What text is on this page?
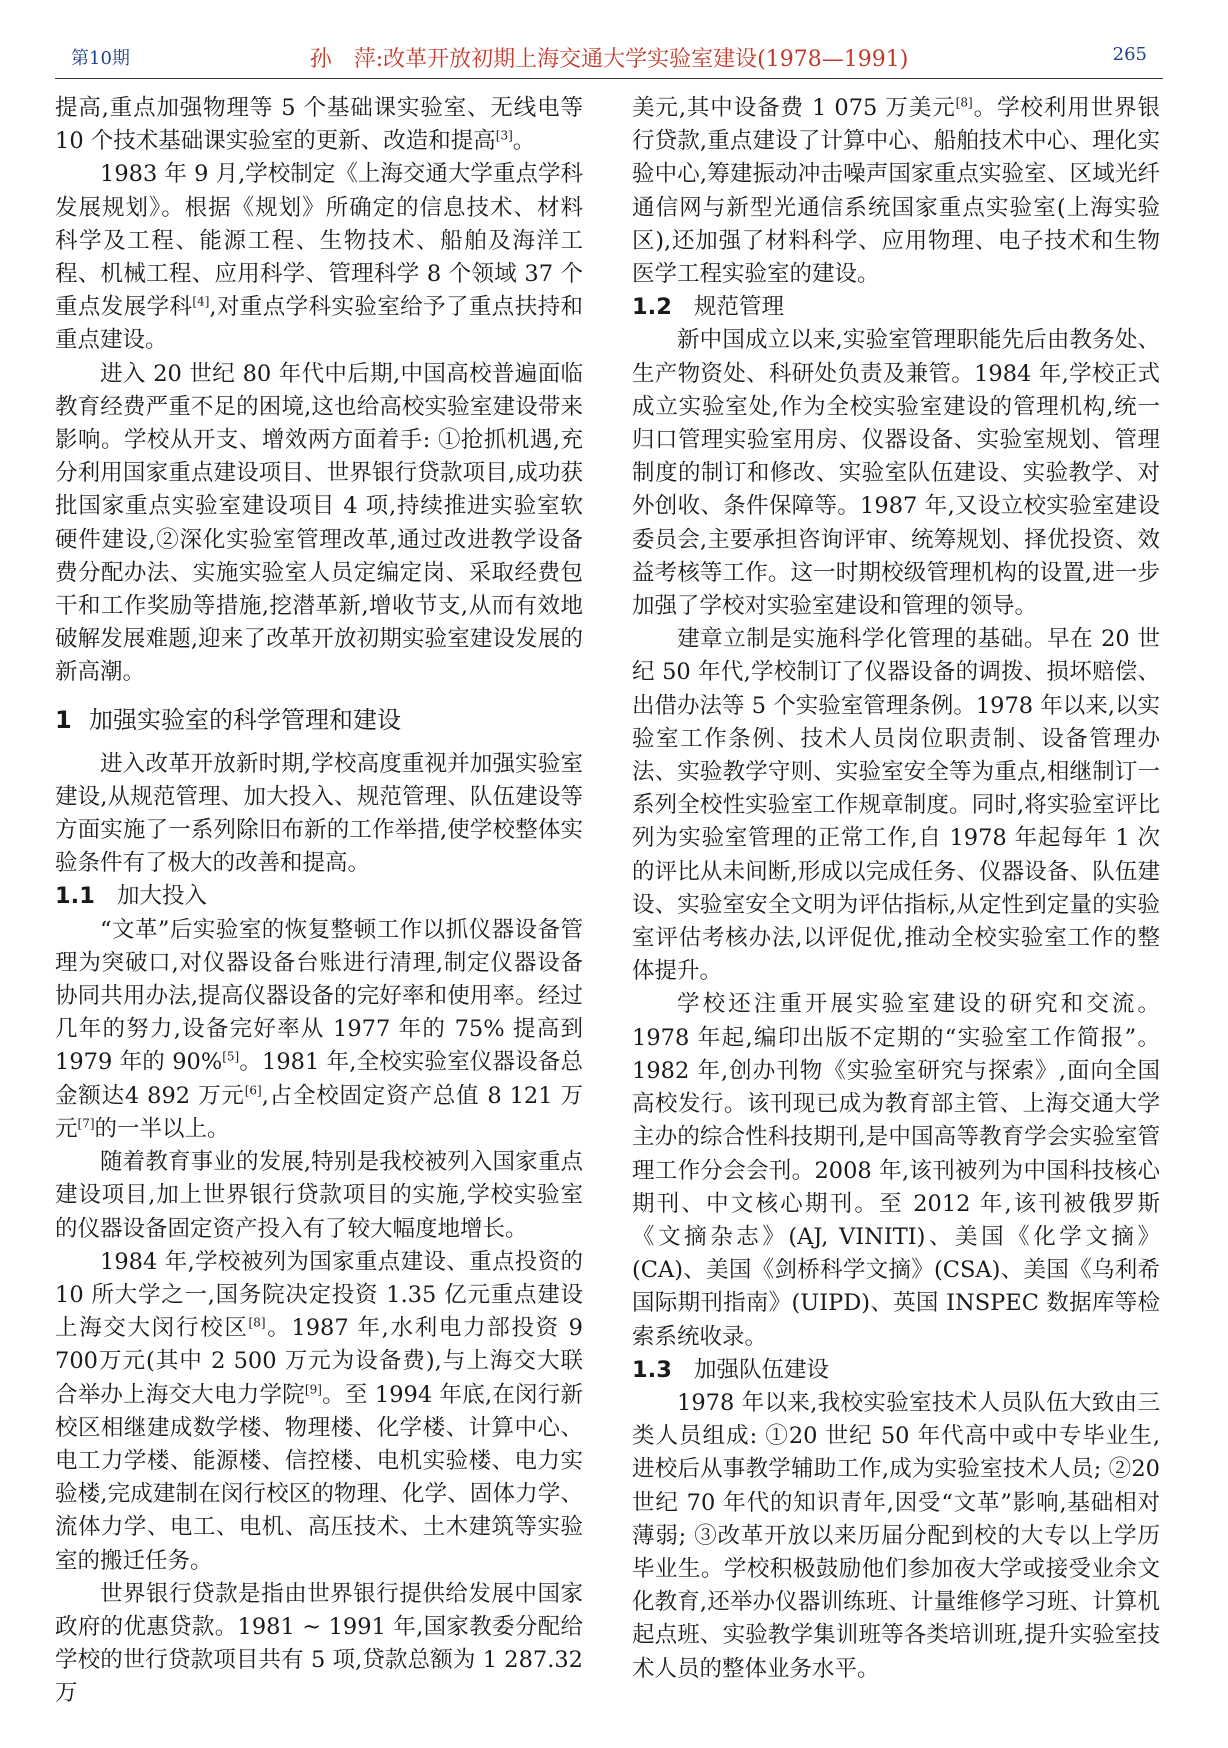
第10期	孙　萍:改革开放初期上海交通大学实验室建设(1978—1991)	265

提高,重点加强物理等 5 个基础课实验室、无线电等 10 个技术基础课实验室的更新、改造和提高[3]。

1983 年 9 月,学校制定《上海交通大学重点学科发展规划》。根据《规划》所确定的信息技术、材料科学及工程、能源工程、生物技术、船舶及海洋工程、机械工程、应用科学、管理科学 8 个领域 37 个重点发展学科[4],对重点学科实验室给予了重点扶持和重点建设。

进入 20 世纪 80 年代中后期,中国高校普遍面临教育经费严重不足的困境,这也给高校实验室建设带来影响。学校从开支、增效两方面着手: ①抢抓机遇,充分利用国家重点建设项目、世界银行贷款项目,成功获批国家重点实验室建设项目 4 项,持续推进实验室软硬件建设,②深化实验室管理改革,通过改进教学设备费分配办法、实施实验室人员定编定岗、采取经费包干和工作奖励等措施,挖潜革新,增收节支,从而有效地破解发展难题,迎来了改革开放初期实验室建设发展的新高潮。

1 加强实验室的科学管理和建设

进入改革开放新时期,学校高度重视并加强实验室建设,从规范管理、加大投入、规范管理、队伍建设等方面实施了一系列除旧布新的工作举措,使学校整体实验条件有了极大的改善和提高。

1.1 加大投入

“文革”后实验室的恢复整顿工作以抓仪器设备管理为突破口,对仪器设备台账进行清理,制定仪器设备协同共用办法,提高仪器设备的完好率和使用率。经过几年的努力,设备完好率从 1977 年的 75% 提高到 1979 年的 90%[5]。1981 年,全校实验室仪器设备总金额达4 892 万元[6],占全校固定资产总值 8 121 万元[7]的一半以上。

随着教育事业的发展,特别是我校被列入国家重点建设项目,加上世界银行贷款项目的实施,学校实验室的仪器设备固定资产投入有了较大幅度地增长。

1984 年,学校被列为国家重点建设、重点投资的 10 所大学之一,国务院决定投资 1.35 亿元重点建设上海交大闵行校区[8]。1987 年,水利电力部投资 9 700万元(其中 2 500 万元为设备费),与上海交大联合举办上海交大电力学院[9]。至 1994 年底,在闵行新校区相继建成数学楼、物理楼、化学楼、计算中心、电工力学楼、能源楼、信控楼、电机实验楼、电力实验楼,完成建制在闵行校区的物理、化学、固体力学、流体力学、电工、电机、高压技术、土木建筑等实验室的搬迁任务。

世界银行贷款是指由世界银行提供给发展中国家政府的优惠贷款。1981 ~ 1991 年,国家教委分配给学校的世行贷款项目共有 5 项,贷款总额为 1 287.32 万

美元,其中设备费 1 075 万美元[8]。学校利用世界银行贷款,重点建设了计算中心、船舶技术中心、理化实验中心,筹建振动冲击噪声国家重点实验室、区域光纤通信网与新型光通信系统国家重点实验室(上海实验区),还加强了材料科学、应用物理、电子技术和生物医学工程实验室的建设。

1.2 规范管理

新中国成立以来,实验室管理职能先后由教务处、生产物资处、科研处负责及兼管。1984 年,学校正式成立实验室处,作为全校实验室建设的管理机构,统一归口管理实验室用房、仪器设备、实验室规划、管理制度的制订和修改、实验室队伍建设、实验教学、对外创收、条件保障等。1987 年,又设立校实验室建设委员会,主要承担咨询评审、统筹规划、择优投资、效益考核等工作。这一时期校级管理机构的设置,进一步加强了学校对实验室建设和管理的领导。

建章立制是实施科学化管理的基础。早在 20 世纪 50 年代,学校制订了仪器设备的调拨、损坏赔偿、出借办法等 5 个实验室管理条例。1978 年以来,以实验室工作条例、技术人员岗位职责制、设备管理办法、实验教学守则、实验室安全等为重点,相继制订一系列全校性实验室工作规章制度。同时,将实验室评比列为实验室管理的正常工作,自 1978 年起每年 1 次的评比从未间断,形成以完成任务、仪器设备、队伍建设、实验室安全文明为评估指标,从定性到定量的实验室评估考核办法,以评促优,推动全校实验室工作的整体提升。

学校还注重开展实验室建设的研究和交流。1978 年起,编印出版不定期的“实验室工作简报”。1982 年,创办刊物《实验室研究与探索》,面向全国高校发行。该刊现已成为教育部主管、上海交通大学主办的综合性科技期刊,是中国高等教育学会实验室管理工作分会会刊。2008 年,该刊被列为中国科技核心期刊、中文核心期刊。至 2012 年,该刊被俄罗斯《文摘杂志》(AJ, VINITI)、美国《化学文摘》(CA)、美国《剑桥科学文摘》(CSA)、美国《乌利希国际期刊指南》(UIPD)、英国 INSPEC 数据库等检索系统收录。

1.3 加强队伍建设

1978 年以来,我校实验室技术人员队伍大致由三类人员组成: ①20 世纪 50 年代高中或中专毕业生,进校后从事教学辅助工作,成为实验室技术人员; ②20 世纪 70 年代的知识青年,因受“文革”影响,基础相对薄弱; ③改革开放以来历届分配到校的大专以上学历毕业生。学校积极鼓励他们参加夜大学或接受业余文化教育,还举办仪器训练班、计量维修学习班、计算机起点班、实验教学集训班等各类培训班,提升实验室技术人员的整体业务水平。
